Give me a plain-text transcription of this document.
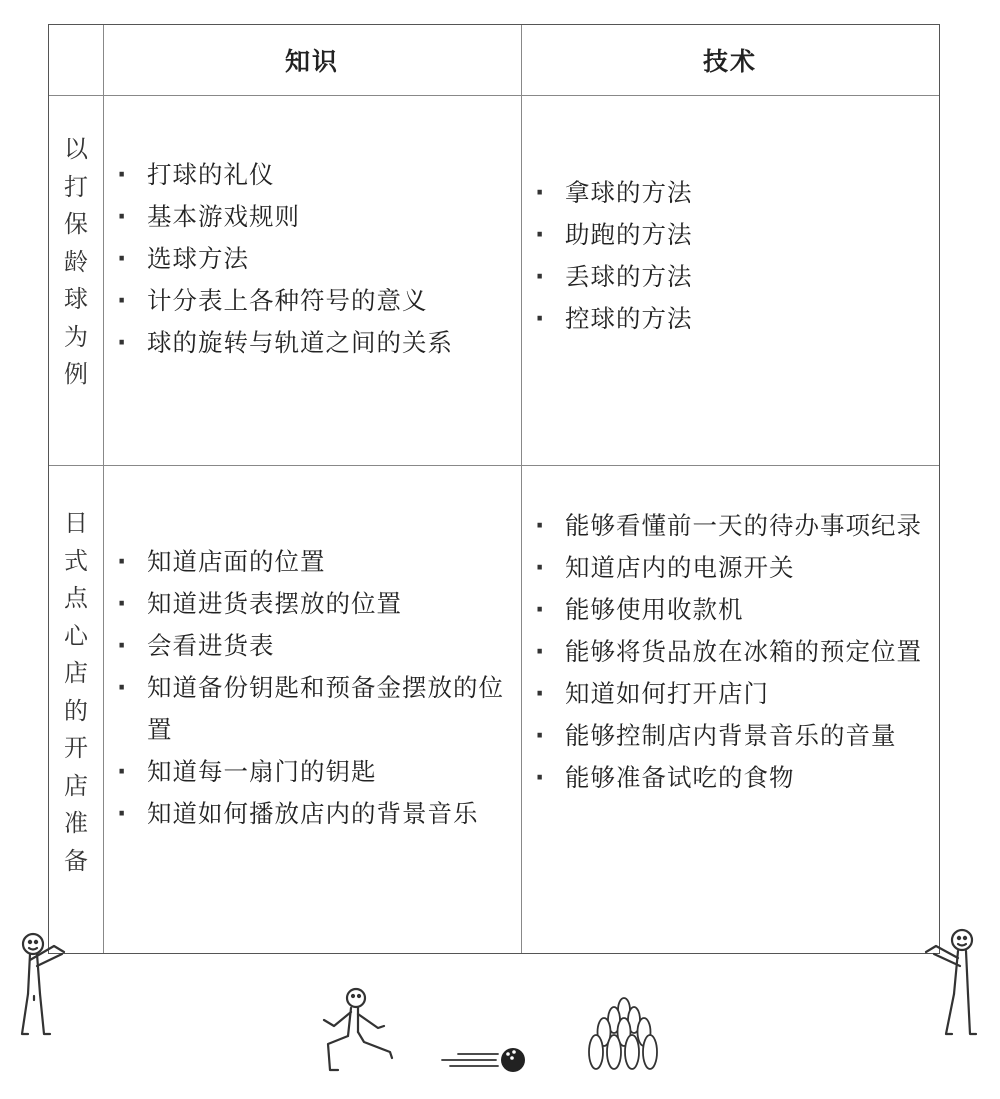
知识	技术
以
打
保
龄
球
为
例
· 打球的礼仪
· 基本游戏规则
· 选球方法
· 计分表上各种符号的意义
· 球的旋转与轨道之间的关系
· 拿球的方法
· 助跑的方法
· 丢球的方法
· 控球的方法
日
式
点
心
店
的
开
店
准
备
· 知道店面的位置
· 知道进货表摆放的位置
· 会看进货表
· 知道备份钥匙和预备金摆放的位置
· 知道每一扇门的钥匙
· 知道如何播放店内的背景音乐
· 能够看懂前一天的待办事项纪录
· 知道店内的电源开关
· 能够使用收款机
· 能够将货品放在冰箱的预定位置
· 知道如何打开店门
· 能够控制店内背景音乐的音量
· 能够准备试吃的食物
